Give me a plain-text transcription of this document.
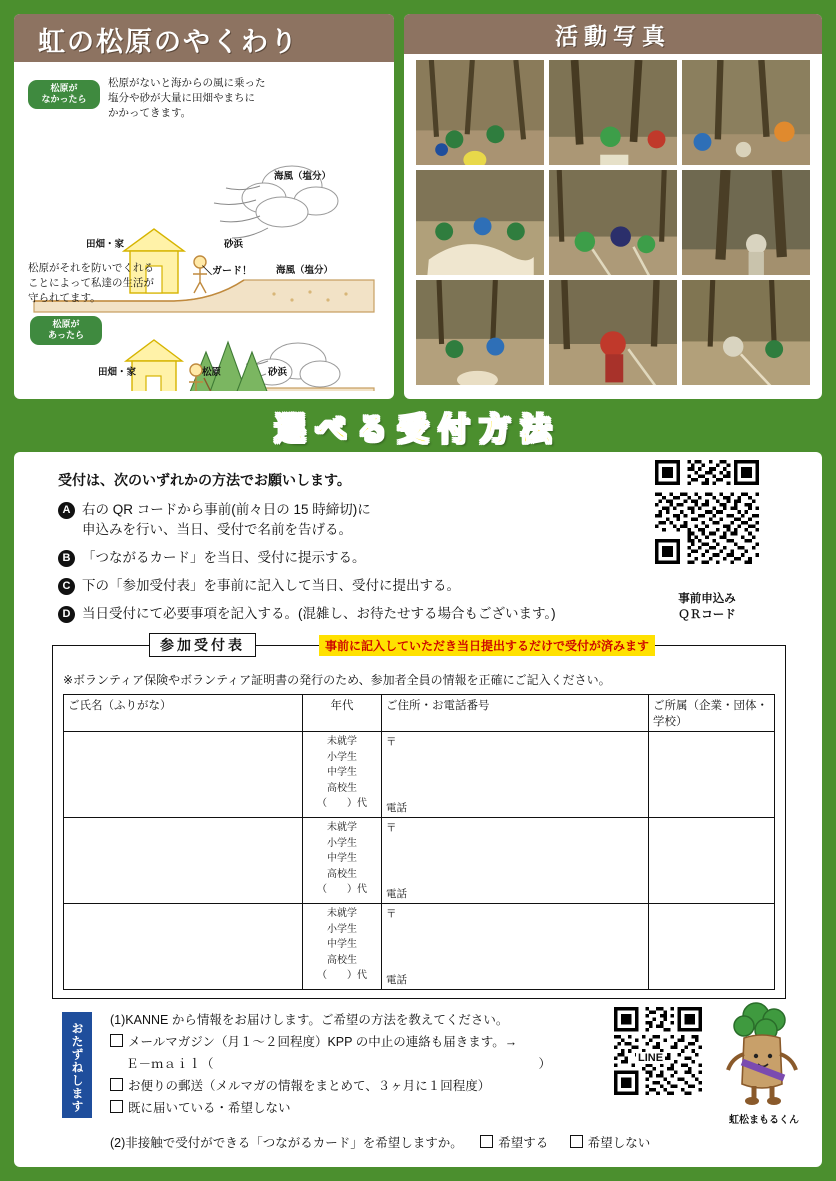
虹の松原のやくわり
松原が
なかったら
松原がないと海からの風に乗った
塩分や砂が大量に田畑やまちに
かかってきます。
海風（塩分）
田畑・家	砂浜
松原がそれを防いでくれる
ことによって私達の生活が
守られてます。
＼ガード！	海風（塩分）
松原が
あったら
田畑・家	松原	砂浜
活動写真
選べる受付方法
受付は、次のいずれかの方法でお願いします。
A 右の QR コードから事前(前々日の 15 時締切)に
申込みを行い、当日、受付で名前を告げる。
B 「つながるカード」を当日、受付に提示する。
C 下の「参加受付表」を事前に記入して当日、受付に提出する。
D 当日受付にて必要事項を記入する。(混雑し、お待たせする場合もございます。)
事前申込み
ＱＲコード
参加受付表	事前に記入していただき当日提出するだけで受付が済みます
※ボランティア保険やボランティア証明書の発行のため、参加者全員の情報を正確にご記入ください。
ご氏名（ふりがな）	年代	ご住所・お電話番号	ご所属（企業・団体・学校）
	未就学
小学生
中学生
高校生
（　　）代	〒
電話	

	未就学
小学生
中学生
高校生
（　　）代	〒
電話	

	未就学
小学生
中学生
高校生
（　　）代	〒
電話	

おたずねします
(1)KANNE から情報をお届けします。ご希望の方法を教えてください。
メールマガジン（月１～２回程度）KPP の中止の連絡も届きます。→
Ｅ－ｍａｉｌ（　　　　　　　　　　　　　　　　　　　　　　　　　　）
お便りの郵送（メルマガの情報をまとめて、３ヶ月に１回程度）
既に届いている・希望しない
(2)非接触で受付ができる「つながるカード」を希望しますか。	希望する	希望しない
LINE
虹松まもるくん
